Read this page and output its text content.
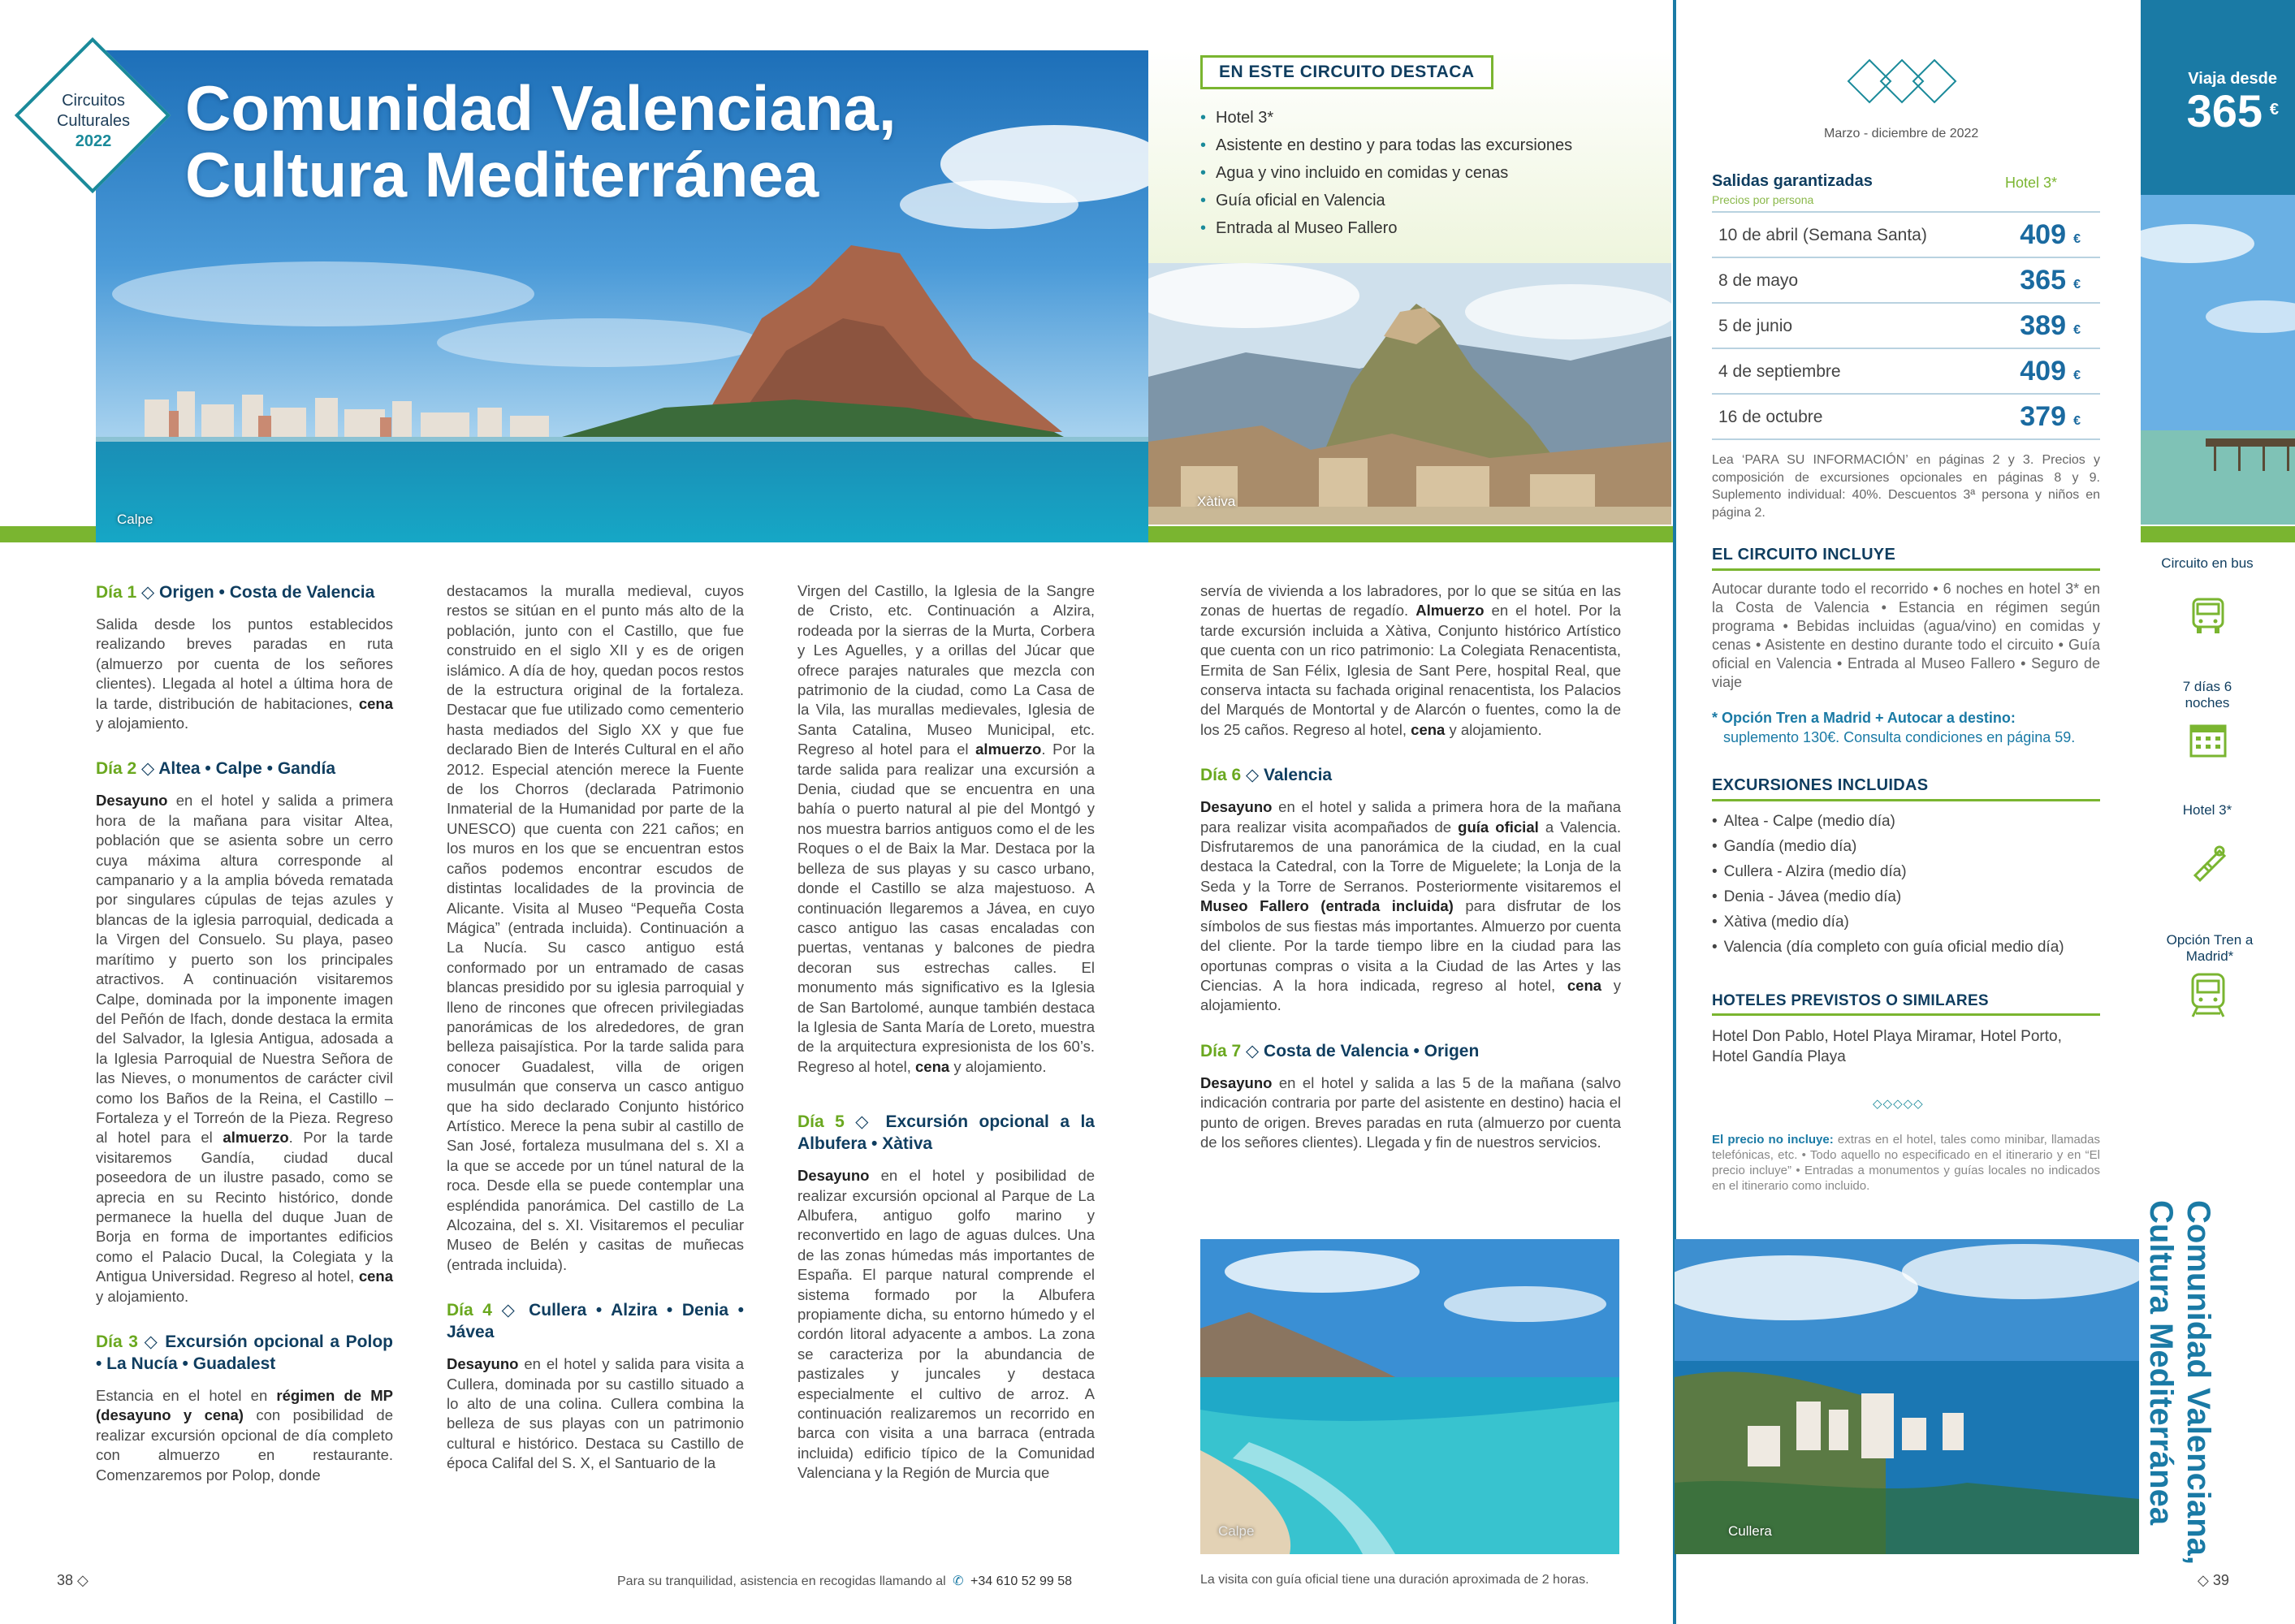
Calpe
Circuitos
Culturales
2022	Comunidad Valenciana,
Cultura Mediterránea
EN ESTE CIRCUITO DESTACA
• Hotel 3*
• Asistente en destino y para todas las excursiones
• Agua y vino incluido en comidas y cenas
• Guía oficial en Valencia
• Entrada al Museo Fallero
Xàtiva
Día 1 ◇ Origen • Costa de Valencia

Salida desde los puntos establecidos realizando breves paradas en ruta (almuerzo por cuenta de los señores clientes). Llegada al hotel a última hora de la tarde, distribución de habitaciones, cena y alojamiento.

Día 2 ◇ Altea • Calpe • Gandía

Desayuno en el hotel y salida a primera hora de la mañana para visitar Altea, población que se asienta sobre un cerro cuya máxima altura corresponde al campanario y a la amplia bóveda rematada por singulares cúpulas de tejas azules y blancas de la iglesia parroquial, dedicada a la Virgen del Consuelo. Su playa, paseo marítimo y puerto son los principales atractivos. A continuación visitaremos Calpe, dominada por la imponente imagen del Peñón de Ifach, donde destaca la ermita del Salvador, la Iglesia Antigua, adosada a la Iglesia Parroquial de Nuestra Señora de las Nieves, o monumentos de carácter civil como los Baños de la Reina, el Castillo – Fortaleza y el Torreón de la Pieza. Regreso al hotel para el almuerzo. Por la tarde visitaremos Gandía, ciudad ducal poseedora de un ilustre pasado, como se aprecia en su Recinto histórico, donde permanece la huella del duque Juan de Borja en forma de importantes edificios como el Palacio Ducal, la Colegiata y la Antigua Universidad. Regreso al hotel, cena y alojamiento.

Día 3 ◇ Excursión opcional a Polop • La Nucía • Guadalest

Estancia en el hotel en régimen de MP (desayuno y cena) con posibilidad de realizar excursión opcional de día completo con almuerzo en restaurante. Comenzaremos por Polop, donde

destacamos la muralla medieval, cuyos restos se sitúan en el punto más alto de la población, junto con el Castillo, que fue construido en el siglo XII y es de origen islámico. A día de hoy, quedan pocos restos de la estructura original de la fortaleza. Destacar que fue utilizado como cementerio hasta mediados del Siglo XX y que fue declarado Bien de Interés Cultural en el año 2012. Especial atención merece la Fuente de los Chorros (declarada Patrimonio Inmaterial de la Humanidad por parte de la UNESCO) que cuenta con 221 caños; en los muros en los que se encuentran estos caños podemos encontrar escudos de distintas localidades de la provincia de Alicante. Visita al Museo “Pequeña Costa Mágica” (entrada incluida). Continuación a La Nucía. Su casco antiguo está conformado por un entramado de casas blancas presidido por su iglesia parroquial y lleno de rincones que ofrecen privilegiadas panorámicas de los alrededores, de gran belleza paisajística. Por la tarde salida para conocer Guadalest, villa de origen musulmán que conserva un casco antiguo que ha sido declarado Conjunto histórico Artístico. Merece la pena subir al castillo de San José, fortaleza musulmana del s. XI a la que se accede por un túnel natural de la roca. Desde ella se puede contemplar una espléndida panorámica. Del castillo de La Alcozaina, del s. XI. Visitaremos el peculiar Museo de Belén y casitas de muñecas (entrada incluida).

Día 4 ◇ Cullera • Alzira • Denia • Jávea

Desayuno en el hotel y salida para visita a Cullera, dominada por su castillo situado a lo alto de una colina. Cullera combina la belleza de sus playas con un patrimonio cultural e histórico. Destaca su Castillo de época Califal del S. X, el Santuario de la

Virgen del Castillo, la Iglesia de la Sangre de Cristo, etc. Continuación a Alzira, rodeada por la sierras de la Murta, Corbera y Les Aguelles, y a orillas del Júcar que ofrece parajes naturales que mezcla con patrimonio de la ciudad, como La Casa de la Vila, las murallas medievales, Iglesia de Santa Catalina, Museo Municipal, etc. Regreso al hotel para el almuerzo. Por la tarde salida para realizar una excursión a Denia, ciudad que se encuentra en una bahía o puerto natural al pie del Montgó y nos muestra barrios antiguos como el de les Roques o el de Baix la Mar. Destaca por la belleza de sus playas y su casco urbano, donde el Castillo se alza majestuoso. A continuación llegaremos a Jávea, en cuyo casco antiguo las casas encaladas con puertas, ventanas y balcones de piedra decoran sus estrechas calles. El monumento más significativo es la Iglesia de San Bartolomé, aunque también destaca la Iglesia de Santa María de Loreto, muestra de la arquitectura expresionista de los 60’s. Regreso al hotel, cena y alojamiento.

Día 5 ◇ Excursión opcional a la Albufera • Xàtiva

Desayuno en el hotel y posibilidad de realizar excursión opcional al Parque de La Albufera, antiguo golfo marino y reconvertido en lago de aguas dulces. Una de las zonas húmedas más importantes de España. El parque natural comprende el sistema formado por la Albufera propiamente dicha, su entorno húmedo y el cordón litoral adyacente a ambos. La zona se caracteriza por la abundancia de pastizales y juncales y destaca especialmente el cultivo de arroz. A continuación realizaremos un recorrido en barca con visita a una barraca (entrada incluida) edificio típico de la Comunidad Valenciana y la Región de Murcia que

servía de vivienda a los labradores, por lo que se sitúa en las zonas de huertas de regadío. Almuerzo en el hotel. Por la tarde excursión incluida a Xàtiva, Conjunto histórico Artístico que cuenta con un rico patrimonio: La Colegiata Renacentista, Ermita de San Félix, Iglesia de Sant Pere, hospital Real, que conserva intacta su fachada original renacentista, los Palacios del Marqués de Montortal y de Alarcón o fuentes, como la de los 25 caños. Regreso al hotel, cena y alojamiento.

Día 6 ◇ Valencia

Desayuno en el hotel y salida a primera hora de la mañana para realizar visita acompañados de guía oficial a Valencia. Disfrutaremos de una panorámica de la ciudad, en la cual destaca la Catedral, con la Torre de Miguelete; la Lonja de la Seda y la Torre de Serranos. Posteriormente visitaremos el Museo Fallero (entrada incluida) para disfrutar de los símbolos de sus fiestas más importantes. Almuerzo por cuenta del cliente. Por la tarde tiempo libre en la ciudad para las oportunas compras o visita a la Ciudad de las Artes y las Ciencias. A la hora indicada, regreso al hotel, cena y alojamiento.

Día 7 ◇ Costa de Valencia • Origen

Desayuno en el hotel y salida a las 5 de la mañana (salvo indicación contraria por parte del asistente en destino) hacia el punto de origen. Breves paradas en ruta (almuerzo por cuenta de los señores clientes). Llegada y fin de nuestros servicios.

Calpe
Marzo - diciembre de 2022
Salidas garantizadas
Precios por persona
Hotel 3*
10 de abril (Semana Santa)	409 €
8 de mayo	365 €
5 de junio	389 €
4 de septiembre	409 €
16 de octubre	379 €
Lea ‘PARA SU INFORMACIÓN’ en páginas 2 y 3. Precios y composición de excursiones opcionales en páginas 8 y 9. Suplemento individual: 40%. Descuentos 3ª persona y niños en página 2.
EL CIRCUITO INCLUYE
Autocar durante todo el recorrido • 6 noches en hotel 3* en la Costa de Valencia • Estancia en régimen según programa • Bebidas incluidas (agua/vino) en comidas y cenas • Asistente en destino durante todo el circuito • Guía oficial en Valencia • Entrada al Museo Fallero • Seguro de viaje
* Opción Tren a Madrid + Autocar a destino:
suplemento 130€. Consulta condiciones en página 59.
EXCURSIONES INCLUIDAS
• Altea - Calpe (medio día)
• Gandía (medio día)
• Cullera - Alzira (medio día)
• Denia - Jávea (medio día)
• Xàtiva (medio día)
• Valencia (día completo con guía oficial medio día)
HOTELES PREVISTOS O SIMILARES
Hotel Don Pablo, Hotel Playa Miramar, Hotel Porto, Hotel Gandía Playa
◇◇◇◇◇
El precio no incluye: extras en el hotel, tales como minibar, llamadas telefónicas, etc. • Todo aquello no especificado en el itinerario y en “El precio incluye” • Entradas a monumentos y guías locales no indicados en el itinerario como incluido.
Cullera
Viaja desde
365 €
Circuito en bus
7 días 6 noches
Hotel 3*
Opción Tren a Madrid*
Comunidad Valenciana,
Cultura Mediterránea
38 ◇	Para su tranquilidad, asistencia en recogidas llamando al ✆ +34 610 52 99 58	La visita con guía oficial tiene una duración aproximada de 2 horas.	◇ 39
